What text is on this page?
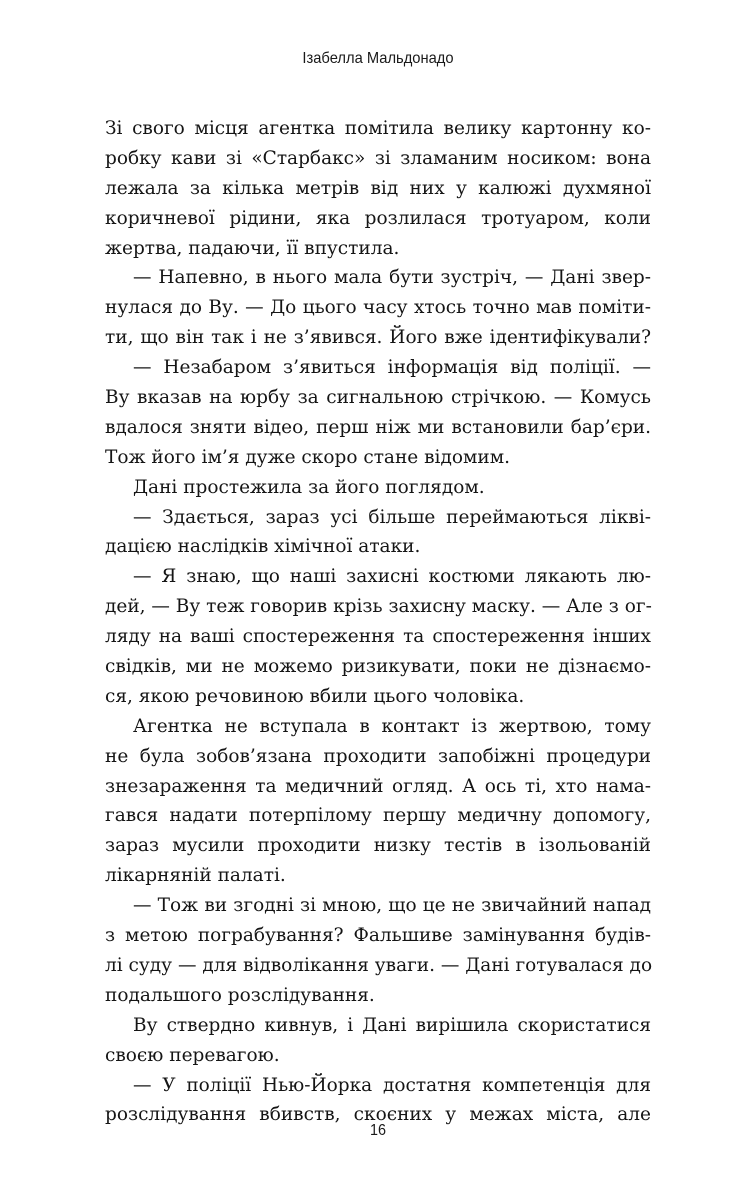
Ізабелла Мальдонадо
Зі свого місця агентка помітила велику картонну ко-
робку кави зі «Старбакс» зі зламаним носиком: вона
лежала за кілька метрів від них у калюжі духмяної
коричневої рідини, яка розлилася тротуаром, коли
жертва, падаючи, її впустила.
— Напевно, в нього мала бути зустріч, — Дані звер-
нулася до Ву. — До цього часу хтось точно мав поміти-
ти, що він так і не з’явився. Його вже ідентифікували?
— Незабаром з’явиться інформація від поліції. —
Ву вказав на юрбу за сигнальною стрічкою. — Комусь
вдалося зняти відео, перш ніж ми встановили бар’єри.
Тож його ім’я дуже скоро стане відомим.
Дані простежила за його поглядом.
— Здається, зараз усі більше переймаються лікві-
дацією наслідків хімічної атаки.
— Я знаю, що наші захисні костюми лякають лю-
дей, — Ву теж говорив крізь захисну маску. — Але з ог-
ляду на ваші спостереження та спостереження інших
свідків, ми не можемо ризикувати, поки не дізнаємо-
ся, якою речовиною вбили цього чоловіка.
Агентка не вступала в контакт із жертвою, тому
не була зобов’язана проходити запобіжні процедури
знезараження та медичний огляд. А ось ті, хто нама-
гався надати потерпілому першу медичну допомогу,
зараз мусили проходити низку тестів в ізольованій
лікарняній палаті.
— Тож ви згодні зі мною, що це не звичайний напад
з метою пограбування? Фальшиве замінування будів-
лі суду — для відволікання уваги. — Дані готувалася до
подальшого розслідування.
Ву ствердно кивнув, і Дані вирішила скористатися
своєю перевагою.
— У поліції Нью-Йорка достатня компетенція для
розслідування вбивств, скоєних у межах міста, але
16
